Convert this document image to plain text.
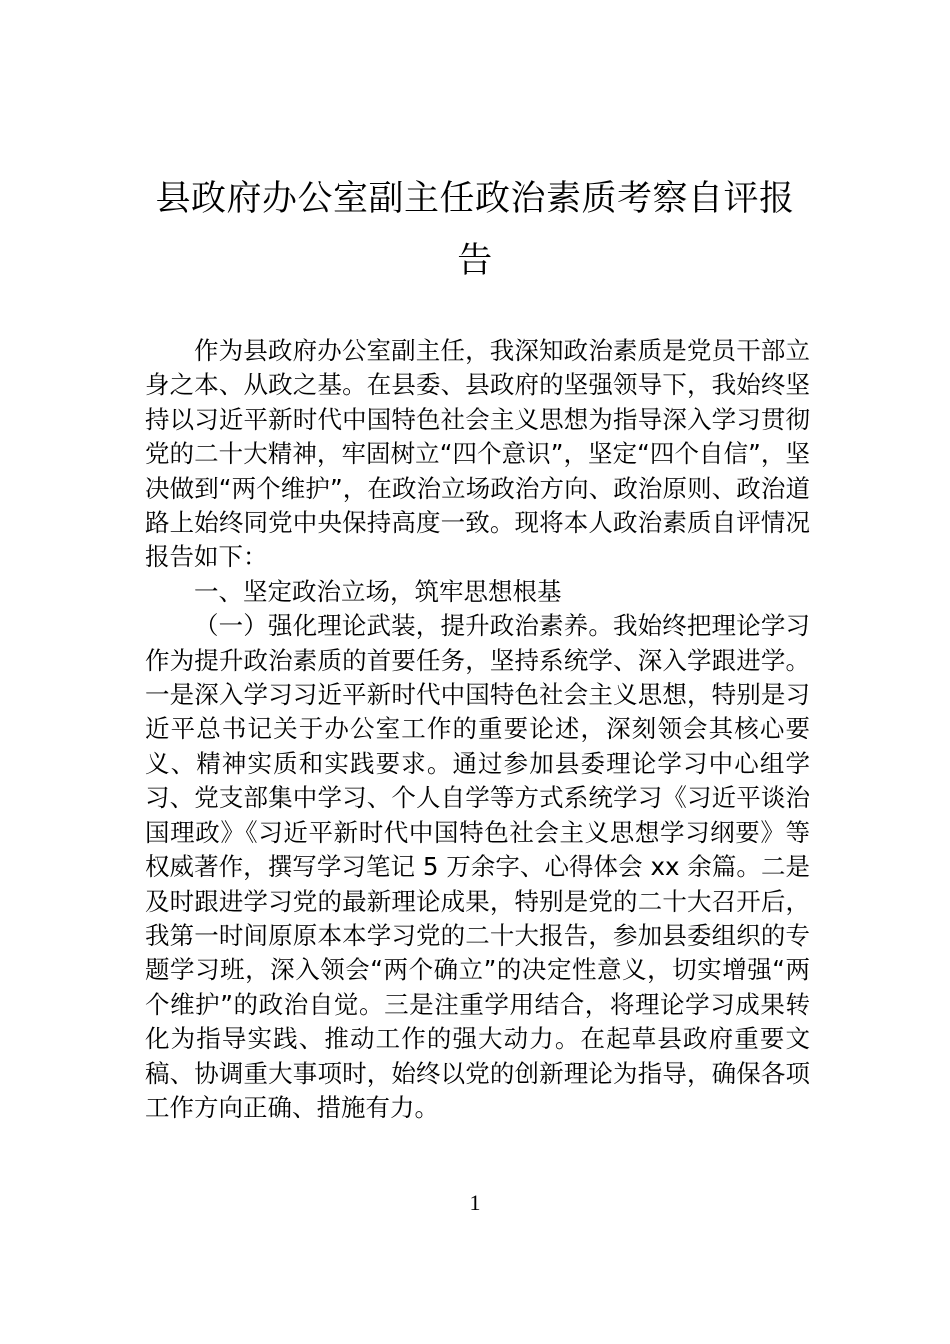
县政府办公室副主任政治素质考察自评报告

作为县政府办公室副主任，我深知政治素质是党员干部立身之本、从政之基。在县委、县政府的坚强领导下，我始终坚持以习近平新时代中国特色社会主义思想为指导深入学习贯彻党的二十大精神，牢固树立“四个意识”，坚定“四个自信”，坚决做到“两个维护”，在政治立场政治方向、政治原则、政治道路上始终同党中央保持高度一致。现将本人政治素质自评情况报告如下：

一、坚定政治立场，筑牢思想根基

（一）强化理论武装，提升政治素养。我始终把理论学习作为提升政治素质的首要任务，坚持系统学、深入学跟进学。一是深入学习习近平新时代中国特色社会主义思想，特别是习近平总书记关于办公室工作的重要论述，深刻领会其核心要义、精神实质和实践要求。通过参加县委理论学习中心组学习、党支部集中学习、个人自学等方式系统学习《习近平谈治国理政》《习近平新时代中国特色社会主义思想学习纲要》等权威著作，撰写学习笔记 5 万余字、心得体会 xx 余篇。二是及时跟进学习党的最新理论成果，特别是党的二十大召开后，我第一时间原原本本学习党的二十大报告，参加县委组织的专题学习班，深入领会“两个确立”的决定性意义，切实增强“两个维护”的政治自觉。三是注重学用结合，将理论学习成果转化为指导实践、推动工作的强大动力。在起草县政府重要文稿、协调重大事项时，始终以党的创新理论为指导，确保各项工作方向正确、措施有力。

1
